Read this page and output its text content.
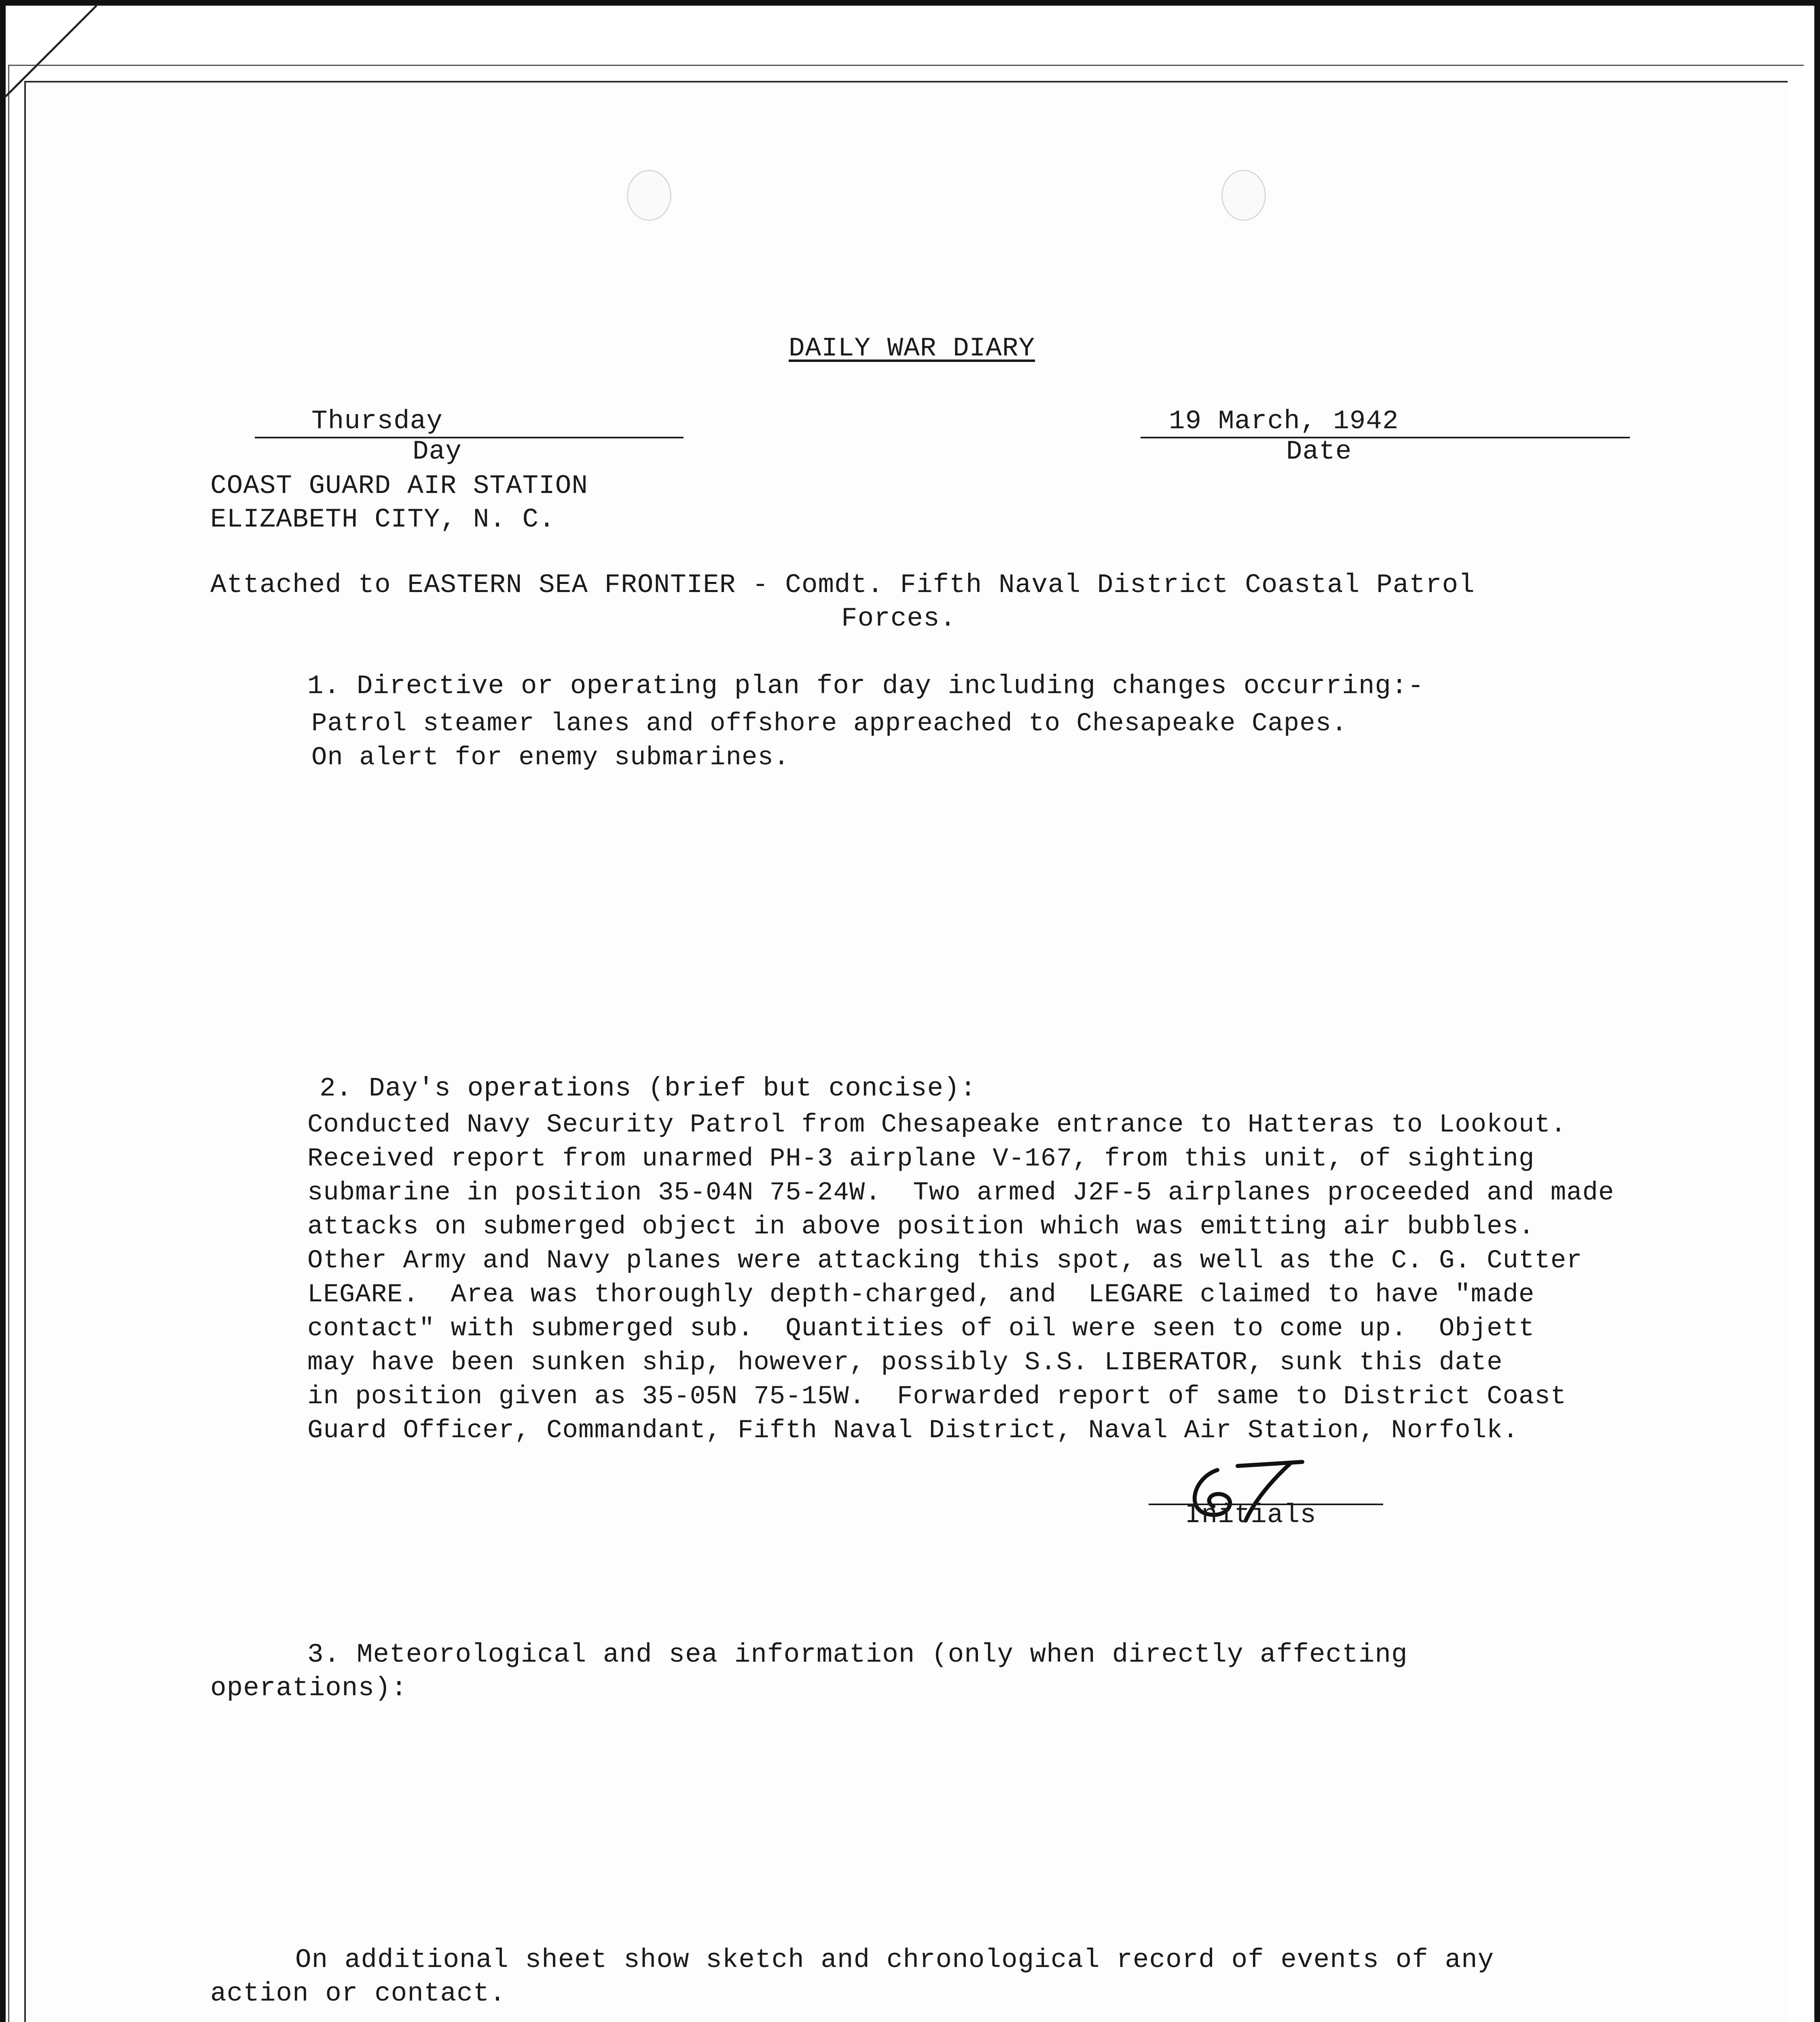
DAILY WAR DIARY
Thursday
Day
19 March, 1942
Date
COAST GUARD AIR STATION
ELIZABETH CITY, N. C.
Attached to EASTERN SEA FRONTIER - Comdt. Fifth Naval District Coastal Patrol
Forces.
1. Directive or operating plan for day including changes occurring:-
Patrol steamer lanes and offshore appreached to Chesapeake Capes.
On alert for enemy submarines.
2. Day's operations (brief but concise):
Conducted Navy Security Patrol from Chesapeake entrance to Hatteras to Lookout.
Received report from unarmed PH-3 airplane V-167, from this unit, of sighting
submarine in position 35-04N 75-24W.  Two armed J2F-5 airplanes proceeded and made
attacks on submerged object in above position which was emitting air bubbles.
Other Army and Navy planes were attacking this spot, as well as the C. G. Cutter
LEGARE.  Area was thoroughly depth-charged, and  LEGARE claimed to have "made
contact" with submerged sub.  Quantities of oil were seen to come up.  Objett
may have been sunken ship, however, possibly S.S. LIBERATOR, sunk this date
in position given as 35-05N 75-15W.  Forwarded report of same to District Coast
Guard Officer, Commandant, Fifth Naval District, Naval Air Station, Norfolk.
3. Meteorological and sea information (only when directly affecting
operations):
Initials
On additional sheet show sketch and chronological record of events of any
action or contact.
